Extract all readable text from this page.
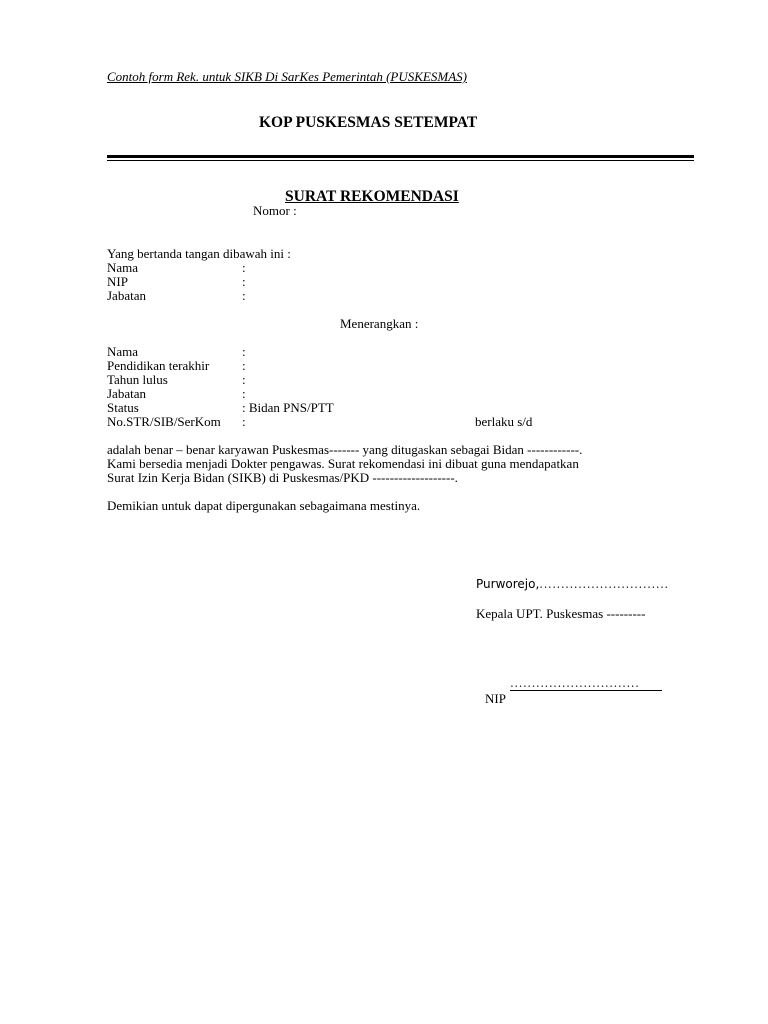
Contoh form Rek. untuk SIKB Di SarKes Pemerintah (PUSKESMAS)
KOP PUSKESMAS SETEMPAT
SURAT REKOMENDASI
Nomor :
Yang bertanda tangan dibawah ini :
Nama	:
NIP	:
Jabatan	:
Menerangkan :
Nama	:
Pendidikan terakhir	:
Tahun lulus	:
Jabatan	:
Status	: Bidan PNS/PTT
No.STR/SIB/SerKom :	berlaku s/d
adalah benar – benar karyawan Puskesmas------- yang ditugaskan sebagai Bidan ------------.
Kami bersedia menjadi Dokter pengawas. Surat rekomendasi ini dibuat guna mendapatkan
Surat Izin Kerja Bidan (SIKB) di Puskesmas/PKD -------------------.
Demikian untuk dapat dipergunakan sebagaimana mestinya.
Purworejo,..............................
Kepala UPT. Puskesmas ---------
..............................
NIP
